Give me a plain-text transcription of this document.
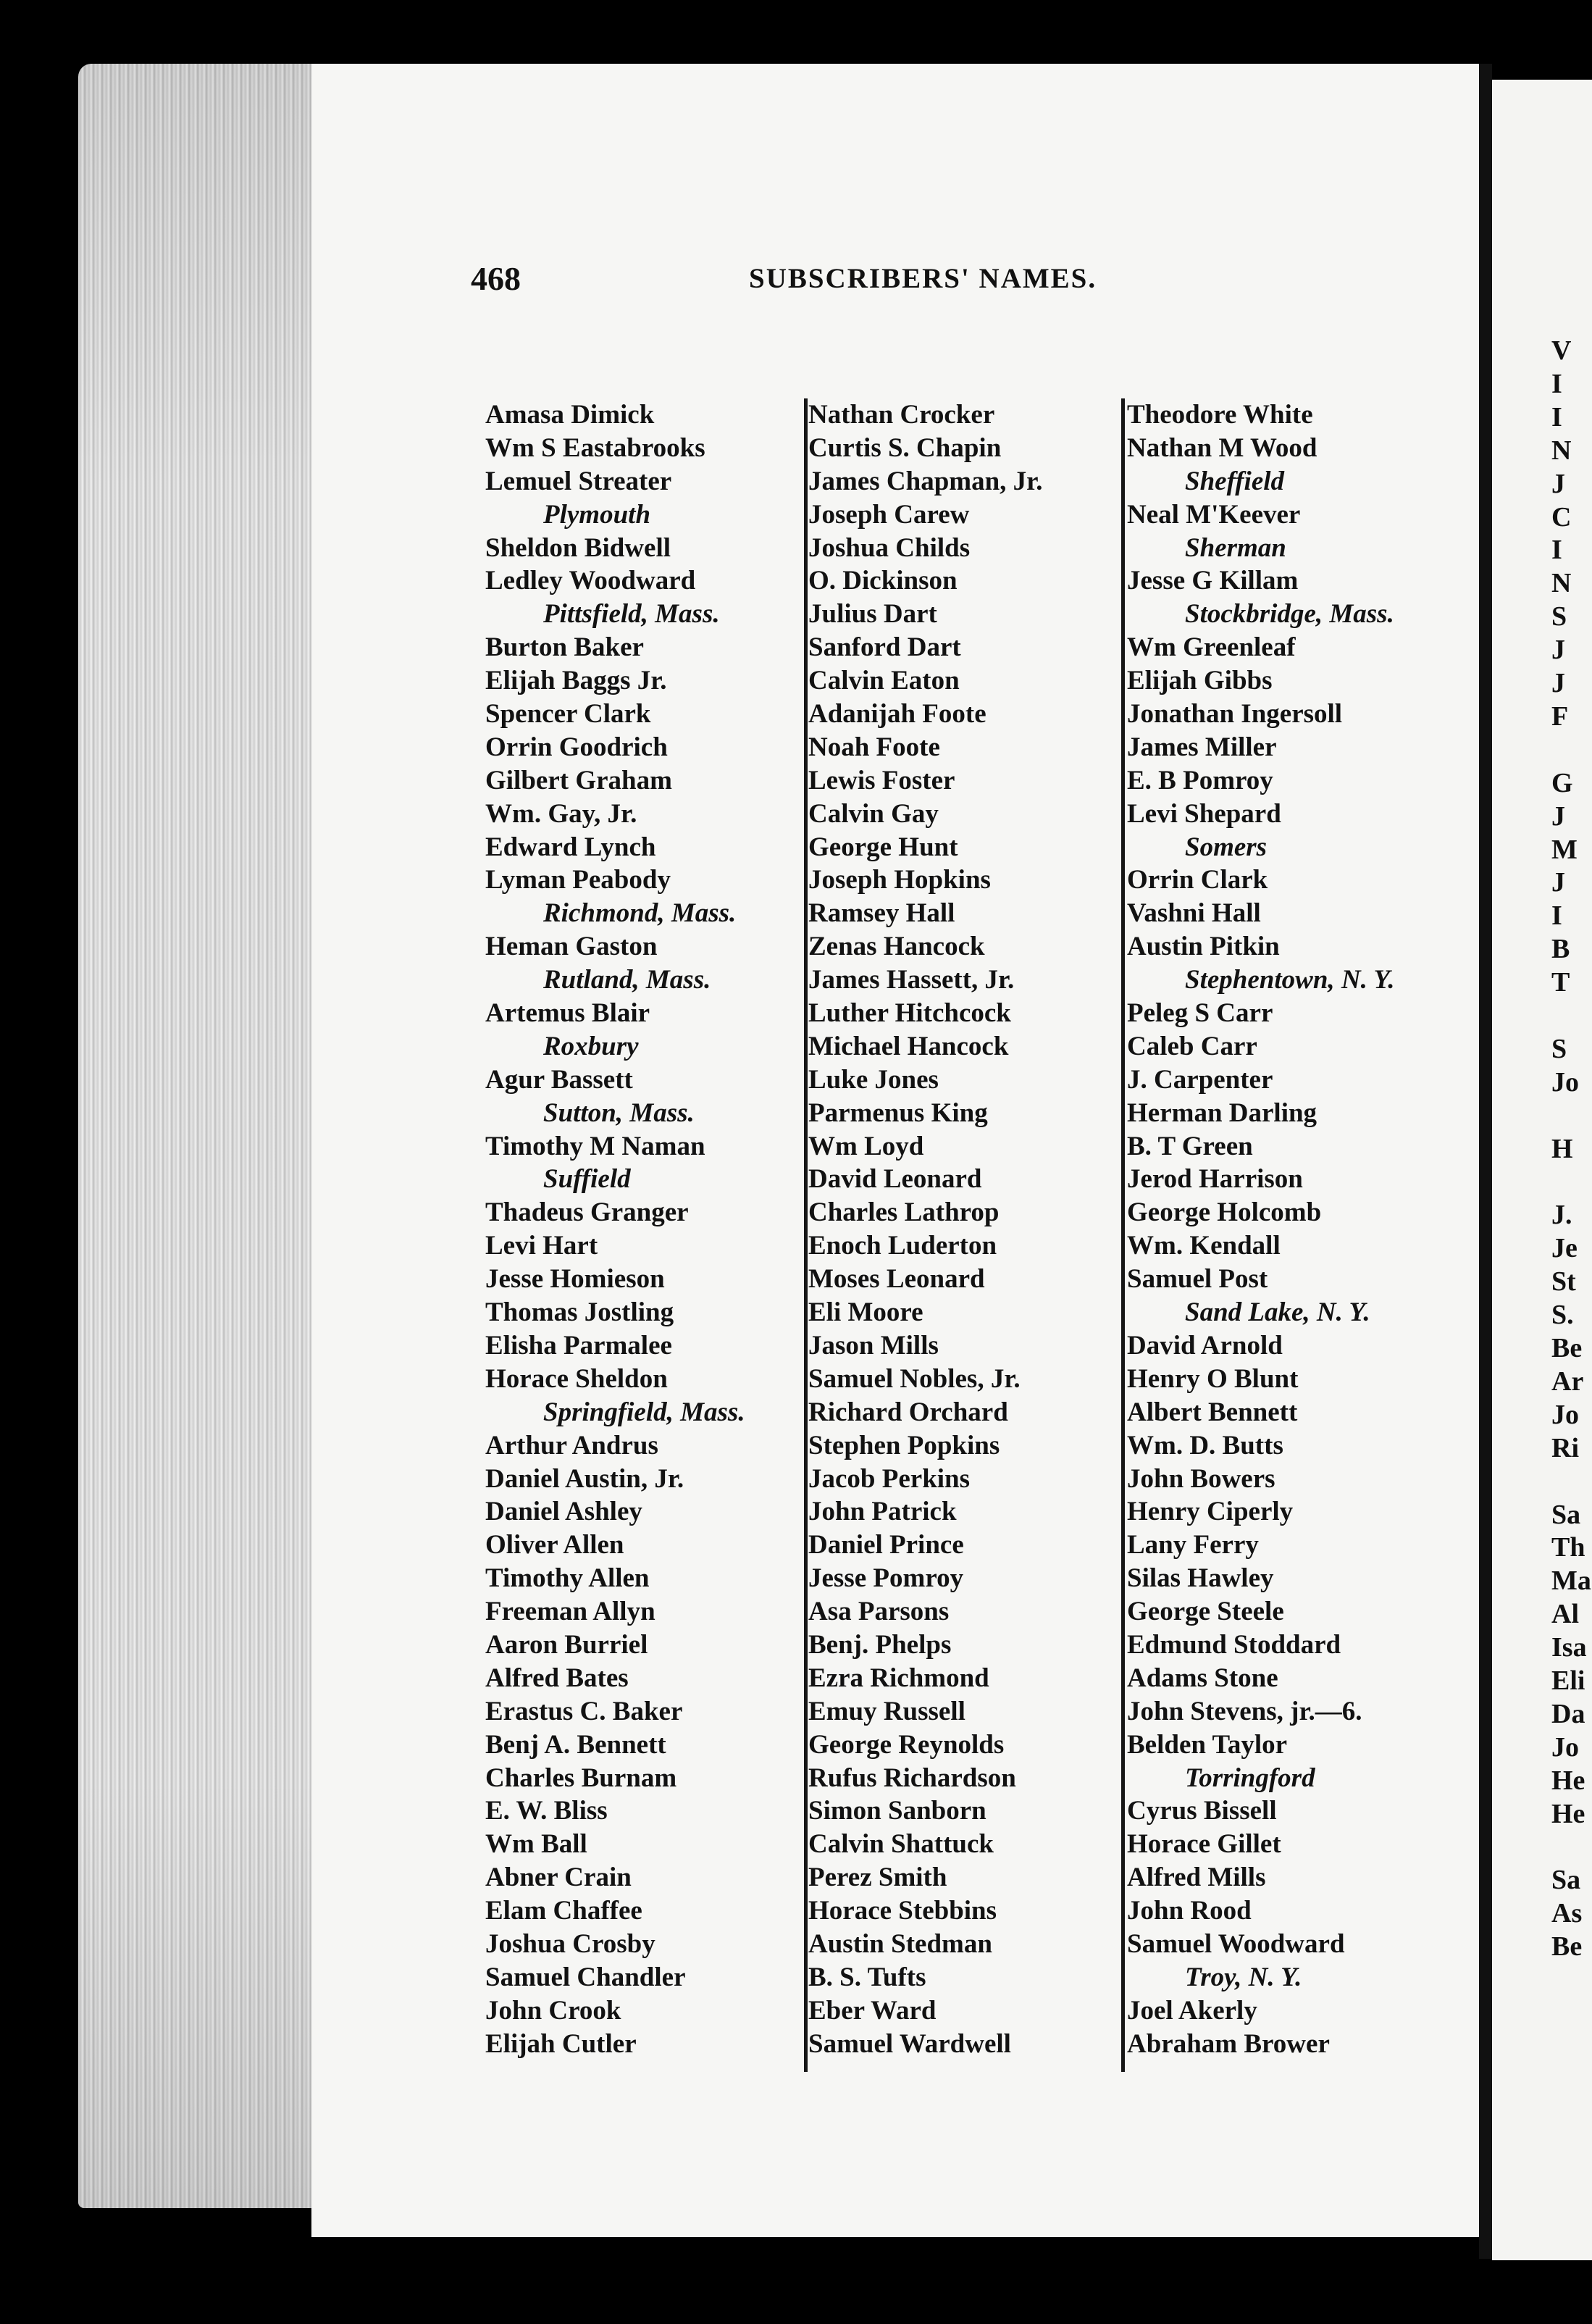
468	SUBSCRIBERS' NAMES.
Amasa Dimick
Wm S Eastabrooks
Lemuel Streater
Plymouth
Sheldon Bidwell
Ledley Woodward
Pittsfield, Mass.
Burton Baker
Elijah Baggs Jr.
Spencer Clark
Orrin Goodrich
Gilbert Graham
Wm. Gay, Jr.
Edward Lynch
Lyman Peabody
Richmond, Mass.
Heman Gaston
Rutland, Mass.
Artemus Blair
Roxbury
Agur Bassett
Sutton, Mass.
Timothy M Naman
Suffield
Thadeus Granger
Levi Hart
Jesse Homieson
Thomas Jostling
Elisha Parmalee
Horace Sheldon
Springfield, Mass.
Arthur Andrus
Daniel Austin, Jr.
Daniel Ashley
Oliver Allen
Timothy Allen
Freeman Allyn
Aaron Burriel
Alfred Bates
Erastus C. Baker
Benj A. Bennett
Charles Burnam
E. W. Bliss
Wm Ball
Abner Crain
Elam Chaffee
Joshua Crosby
Samuel Chandler
John Crook
Elijah Cutler
Nathan Crocker
Curtis S. Chapin
James Chapman, Jr.
Joseph Carew
Joshua Childs
O. Dickinson
Julius Dart
Sanford Dart
Calvin Eaton
Adanijah Foote
Noah Foote
Lewis Foster
Calvin Gay
George Hunt
Joseph Hopkins
Ramsey Hall
Zenas Hancock
James Hassett, Jr.
Luther Hitchcock
Michael Hancock
Luke Jones
Parmenus King
Wm Loyd
David Leonard
Charles Lathrop
Enoch Luderton
Moses Leonard
Eli Moore
Jason Mills
Samuel Nobles, Jr.
Richard Orchard
Stephen Popkins
Jacob Perkins
John Patrick
Daniel Prince
Jesse Pomroy
Asa Parsons
Benj. Phelps
Ezra Richmond
Emuy Russell
George Reynolds
Rufus Richardson
Simon Sanborn
Calvin Shattuck
Perez Smith
Horace Stebbins
Austin Stedman
B. S. Tufts
Eber Ward
Samuel Wardwell
Theodore White
Nathan M Wood
Sheffield
Neal M'Keever
Sherman
Jesse G Killam
Stockbridge, Mass.
Wm Greenleaf
Elijah Gibbs
Jonathan Ingersoll
James Miller
E. B Pomroy
Levi Shepard
Somers
Orrin Clark
Vashni Hall
Austin Pitkin
Stephentown, N. Y.
Peleg S Carr
Caleb Carr
J. Carpenter
Herman Darling
B. T Green
Jerod Harrison
George Holcomb
Wm. Kendall
Samuel Post
Sand Lake, N. Y.
David Arnold
Henry O Blunt
Albert Bennett
Wm. D. Butts
John Bowers
Henry Ciperly
Lany Ferry
Silas Hawley
George Steele
Edmund Stoddard
Adams Stone
John Stevens, jr.—6.
Belden Taylor
Torringford
Cyrus Bissell
Horace Gillet
Alfred Mills
John Rood
Samuel Woodward
Troy, N. Y.
Joel Akerly
Abraham Brower
V
I
I
N
J
C
I
N
S
J
J
F
G
J
M
J
I
B
T
S
Jo
H
J.
Je
St
S.
Be
Ar
Jo
Ri
Sa
Th
Ma
Al
Isa
Eli
Da
Jo
He
He
Sa
As
Be
